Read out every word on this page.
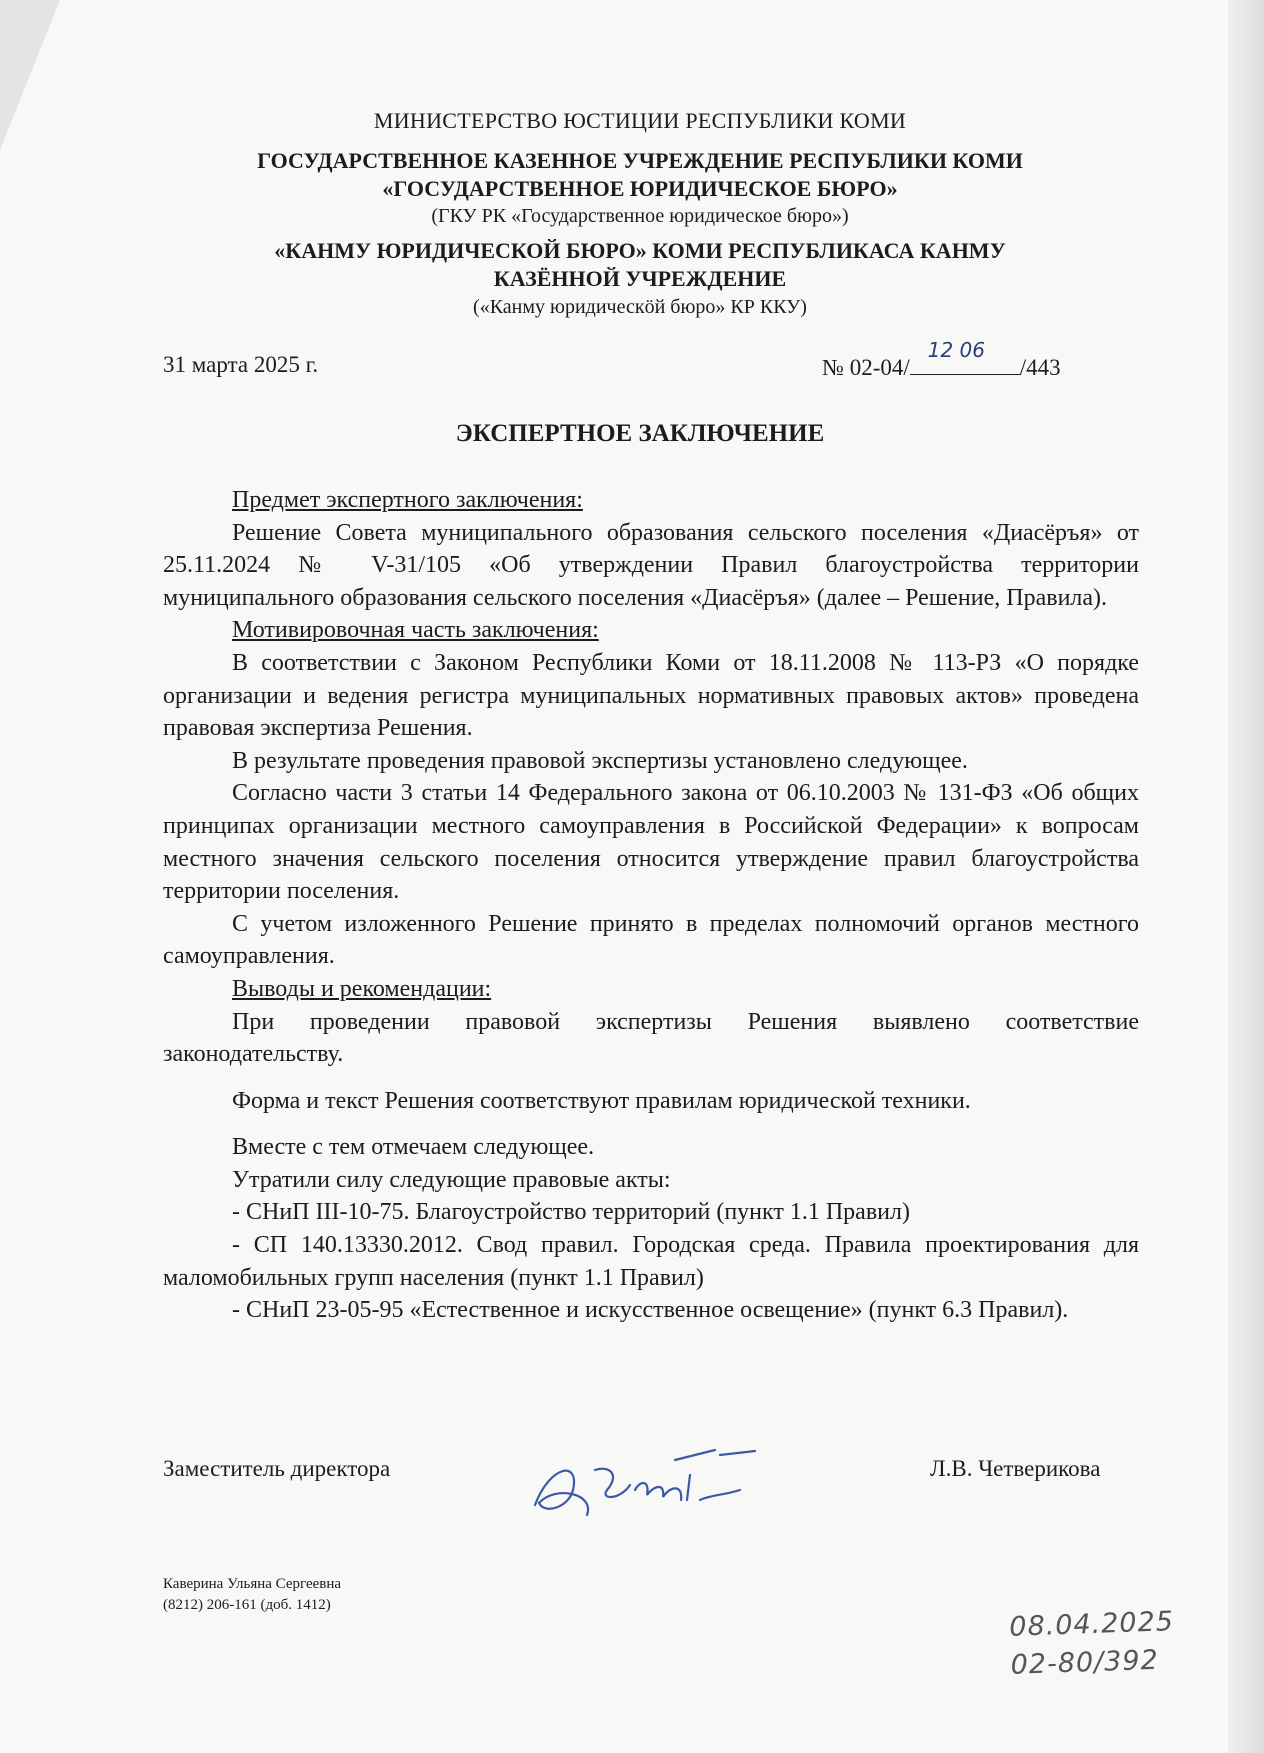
МИНИСТЕРСТВО ЮСТИЦИИ РЕСПУБЛИКИ КОМИ
ГОСУДАРСТВЕННОЕ КАЗЕННОЕ УЧРЕЖДЕНИЕ РЕСПУБЛИКИ КОМИ
«ГОСУДАРСТВЕННОЕ ЮРИДИЧЕСКОЕ БЮРО»
(ГКУ РК «Государственное юридическое бюро»)
«КАНМУ ЮРИДИЧЕСКОЙ БЮРО» КОМИ РЕСПУБЛИКАСА КАНМУ
КАЗЁННОЙ УЧРЕЖДЕНИЕ
(«Канму юридическӧй бюро» КР ККУ)
31 марта 2025 г.	№ 02-04/
12 06
/443
ЭКСПЕРТНОЕ ЗАКЛЮЧЕНИЕ

Предмет экспертного заключения:

Решение Совета муниципального образования сельского поселения «Диасёръя» от 25.11.2024 № V-31/105 «Об утверждении Правил благоустройства территории муниципального образования сельского поселения «Диасёръя» (далее – Решение, Правила).

Мотивировочная часть заключения:

В соответствии с Законом Республики Коми от 18.11.2008 № 113-РЗ «О порядке организации и ведения регистра муниципальных нормативных правовых актов» проведена правовая экспертиза Решения.

В результате проведения правовой экспертизы установлено следующее.

Согласно части 3 статьи 14 Федерального закона от 06.10.2003 № 131-ФЗ «Об общих принципах организации местного самоуправления в Российской Федерации» к вопросам местного значения сельского поселения относится утверждение правил благоустройства территории поселения.

С учетом изложенного Решение принято в пределах полномочий органов местного самоуправления.

Выводы и рекомендации:

При проведении правовой экспертизы Решения выявлено соответствие законодательству.

Форма и текст Решения соответствуют правилам юридической техники.

Вместе с тем отмечаем следующее.

Утратили силу следующие правовые акты:

- СНиП III-10-75. Благоустройство территорий (пункт 1.1 Правил)

- СП 140.13330.2012. Свод правил. Городская среда. Правила проектирования для маломобильных групп населения (пункт 1.1 Правил)

- СНиП 23-05-95 «Естественное и искусственное освещение» (пункт 6.3 Правил).

Заместитель директора	Л.В. Четверикова
Каверина Ульяна Сергеевна
(8212) 206-161 (доб. 1412)
08.04.2025
02-80/392
